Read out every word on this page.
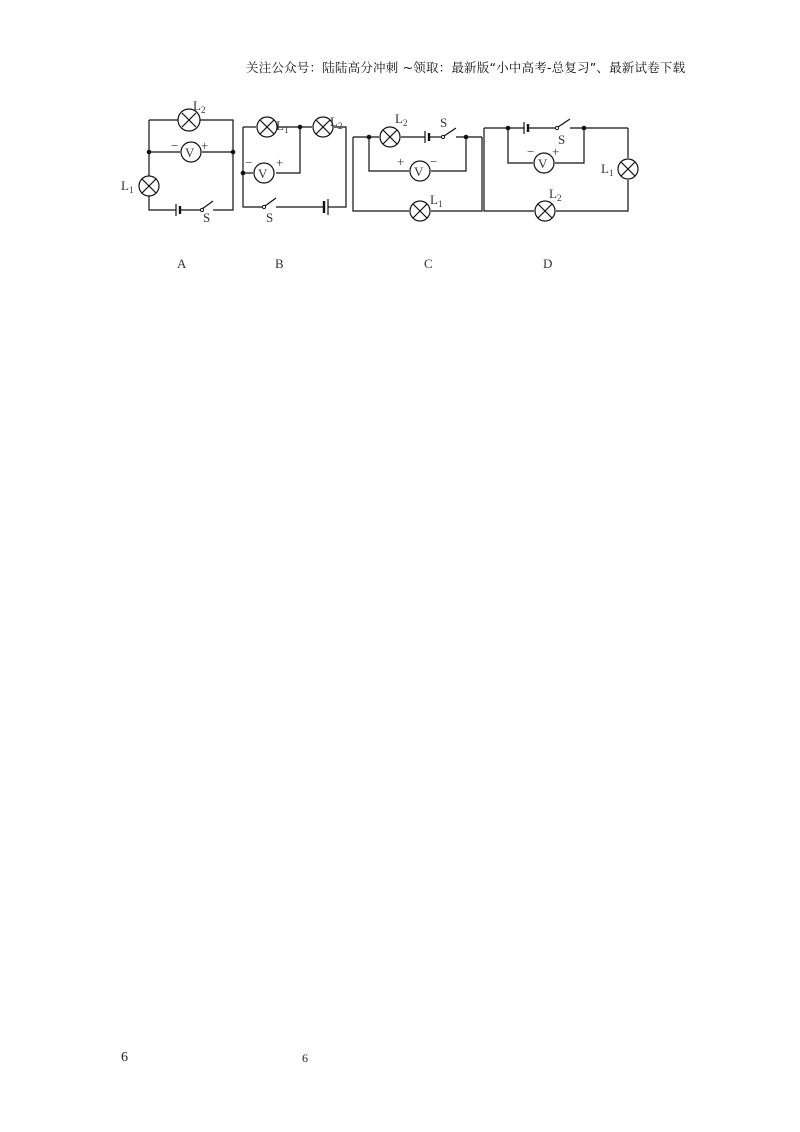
关注公众号：陆陆高分冲刺 ~领取：最新版“小中高考-总复习”、最新试卷下载
$L_2$
$L_1$
V
− +
S
$L_1$
$L_2$
V
− +
S
$L_2$
$L_1$
V
+ −
S
$L_1$
$L_2$
V
− +
S
A	B	C	D
6	6
